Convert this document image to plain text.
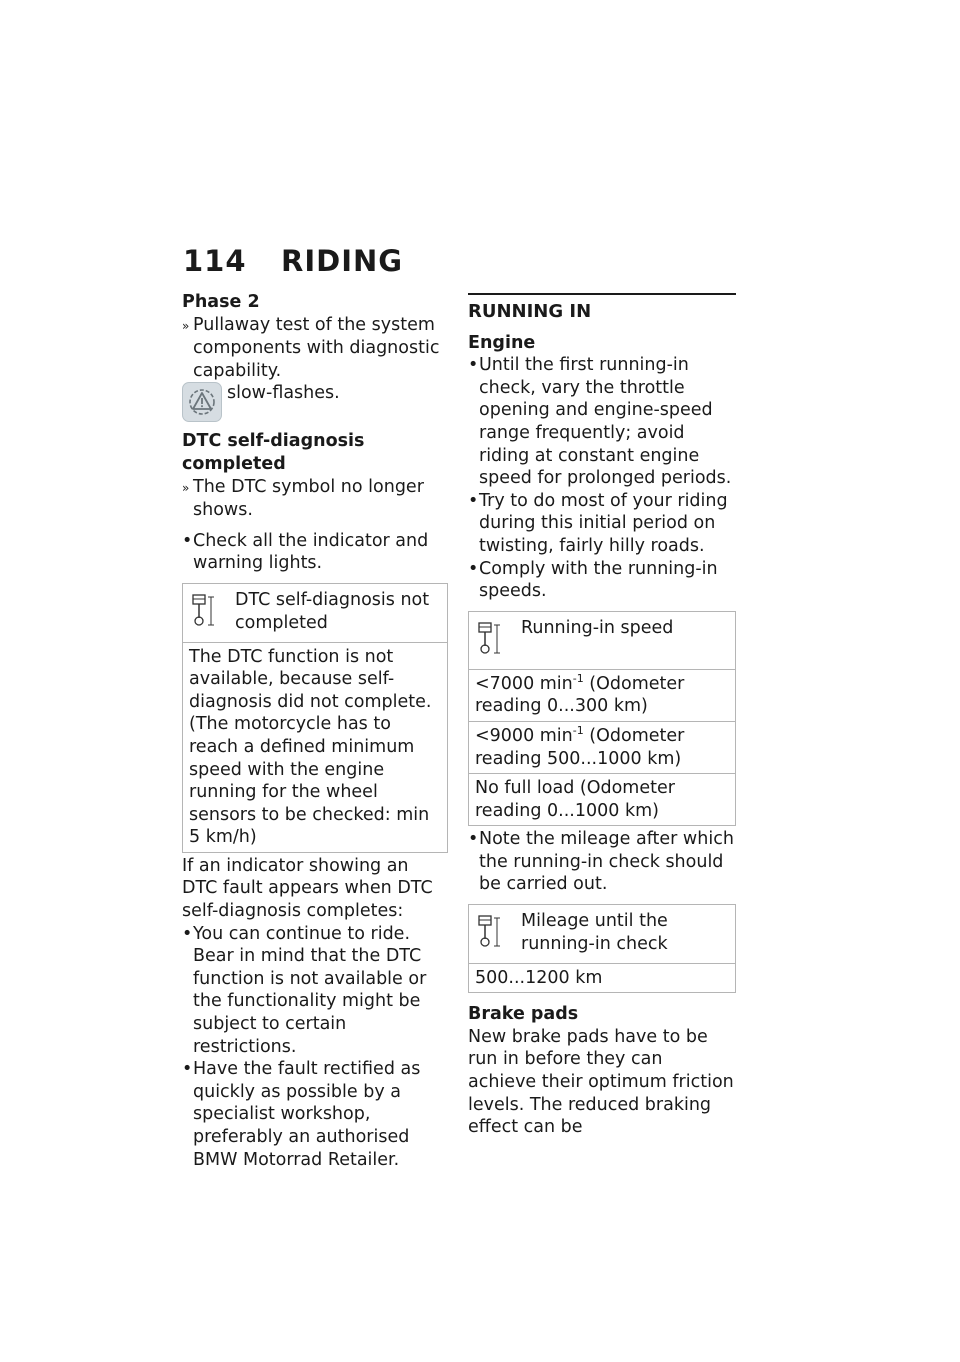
114 RIDING
Phase 2
» Pullaway test of the system components with diagnostic capability.
slow-flashes.
DTC self-diagnosis completed
» The DTC symbol no longer shows.
•Check all the indicator and warning lights.
DTC self-diagnosis not completed
The DTC function is not available, because self-diagnosis did not complete. (The motorcycle has to reach a defined minimum speed with the engine running for the wheel sensors to be checked: min 5 km/h)
If an indicator showing an DTC fault appears when DTC self-diagnosis completes:
•You can continue to ride. Bear in mind that the DTC function is not available or the functionality might be subject to certain restrictions.
•Have the fault rectified as quickly as possible by a specialist workshop, preferably an authorised BMW Motorrad Retailer.
RUNNING IN
Engine
•Until the first running-in check, vary the throttle opening and engine-speed range frequently; avoid riding at constant engine speed for prolonged periods.
•Try to do most of your riding during this initial period on twisting, fairly hilly roads.
•Comply with the running-in speeds.
Running-in speed
<7000 $\min^{-1}$ (Odometer reading 0...300 km)
<9000 $\min^{-1}$ (Odometer reading 500...1000 km)
No full load (Odometer reading 0...1000 km)
•Note the mileage after which the running-in check should be carried out.
Mileage until the running-in check
500...1200 km
Brake pads
New brake pads have to be run in before they can achieve their optimum friction levels. The reduced braking effect can be
